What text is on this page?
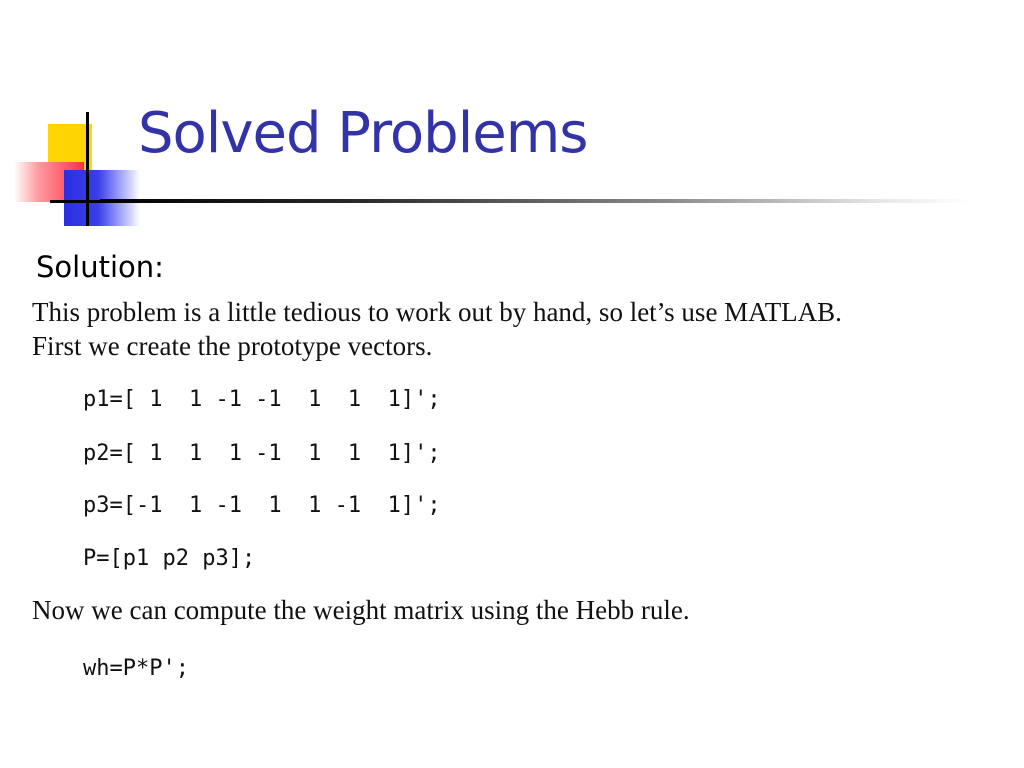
Solved Problems
Solution:
This problem is a little tedious to work out by hand, so let’s use MATLAB.
First we create the prototype vectors.
p1=[ 1  1 -1 -1  1  1  1]';
p2=[ 1  1  1 -1  1  1  1]';
p3=[-1  1 -1  1  1 -1  1]';
P=[p1 p2 p3];
Now we can compute the weight matrix using the Hebb rule.
wh=P*P';
